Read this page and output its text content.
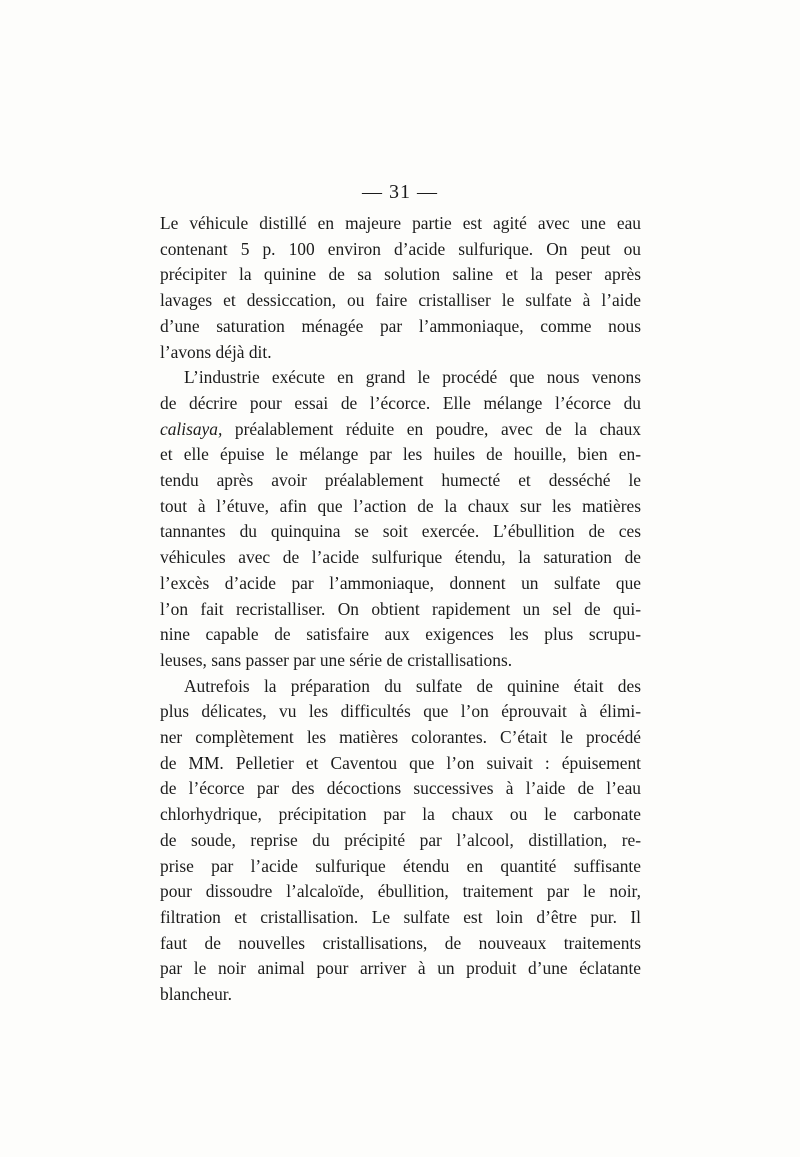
— 31 —
Le véhicule distillé en majeure partie est agité avec une eau
contenant 5 p. 100 environ d’acide sulfurique. On peut ou
précipiter la quinine de sa solution saline et la peser après
lavages et dessiccation, ou faire cristalliser le sulfate à l’aide
d’une saturation ménagée par l’ammoniaque, comme nous
l’avons déjà dit.
L’industrie exécute en grand le procédé que nous venons
de décrire pour essai de l’écorce. Elle mélange l’écorce du
calisaya, préalablement réduite en poudre, avec de la chaux
et elle épuise le mélange par les huiles de houille, bien en-
tendu après avoir préalablement humecté et desséché le
tout à l’étuve, afin que l’action de la chaux sur les matières
tannantes du quinquina se soit exercée. L’ébullition de ces
véhicules avec de l’acide sulfurique étendu, la saturation de
l’excès d’acide par l’ammoniaque, donnent un sulfate que
l’on fait recristalliser. On obtient rapidement un sel de qui-
nine capable de satisfaire aux exigences les plus scrupu-
leuses, sans passer par une série de cristallisations.
Autrefois la préparation du sulfate de quinine était des
plus délicates, vu les difficultés que l’on éprouvait à élimi-
ner complètement les matières colorantes. C’était le procédé
de MM. Pelletier et Caventou que l’on suivait : épuisement
de l’écorce par des décoctions successives à l’aide de l’eau
chlorhydrique, précipitation par la chaux ou le carbonate
de soude, reprise du précipité par l’alcool, distillation, re-
prise par l’acide sulfurique étendu en quantité suffisante
pour dissoudre l’alcaloïde, ébullition, traitement par le noir,
filtration et cristallisation. Le sulfate est loin d’être pur. Il
faut de nouvelles cristallisations, de nouveaux traitements
par le noir animal pour arriver à un produit d’une éclatante
blancheur.
